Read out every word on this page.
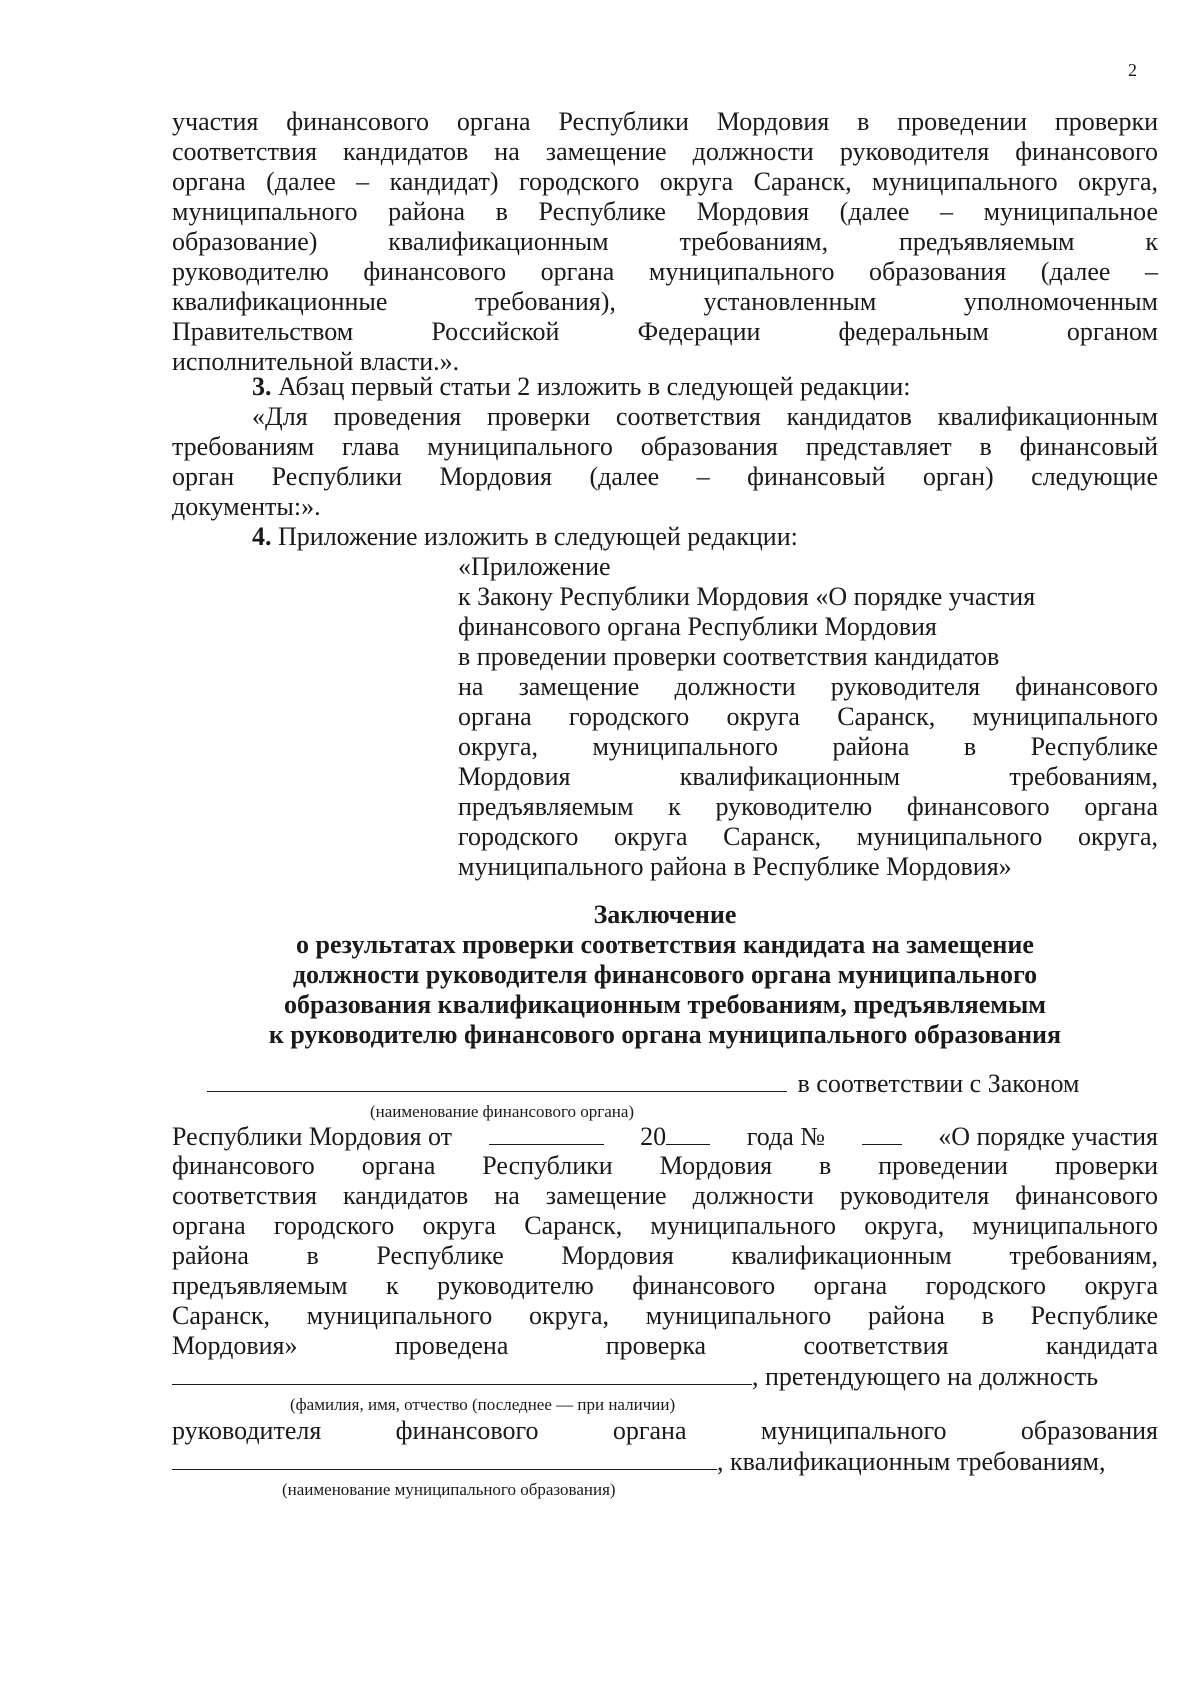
2
участия финансового органа Республики Мордовия в проведении проверки
соответствия кандидатов на замещение должности руководителя финансового
органа (далее – кандидат) городского округа Саранск, муниципального округа,
муниципального района в Республике Мордовия (далее – муниципальное
образование) квалификационным требованиям, предъявляемым к
руководителю финансового органа муниципального образования (далее –
квалификационные требования), установленным уполномоченным
Правительством Российской Федерации федеральным органом
исполнительной власти.».
3. Абзац первый статьи 2 изложить в следующей редакции:
«Для проведения проверки соответствия кандидатов квалификационным
требованиям глава муниципального образования представляет в финансовый
орган Республики Мордовия (далее – финансовый орган) следующие
документы:».
4. Приложение изложить в следующей редакции:
«Приложение
к Закону Республики Мордовия «О порядке участия
финансового органа Республики Мордовия
в проведении проверки соответствия кандидатов
на замещение должности руководителя финансового
органа городского округа Саранск, муниципального
округа, муниципального района в Республике
Мордовия квалификационным требованиям,
предъявляемым к руководителю финансового органа
городского округа Саранск, муниципального округа,
муниципального района в Республике Мордовия»
Заключение
о результатах проверки соответствия кандидата на замещение
должности руководителя финансового органа муниципального
образования квалификационным требованиям, предъявляемым
к руководителю финансового органа муниципального образования
в соответствии с Законом
(наименование финансового органа)
Республики Мордовия от	20	года №	«О порядке участия
финансового органа Республики Мордовия в проведении проверки
соответствия кандидатов на замещение должности руководителя финансового
органа городского округа Саранск, муниципального округа, муниципального
района в Республике Мордовия квалификационным требованиям,
предъявляемым к руководителю финансового органа городского округа
Саранск, муниципального округа, муниципального района в Республике
Мордовия» проведена проверка соответствия кандидата
, претендующего на должность
(фамилия, имя, отчество (последнее — при наличии)
руководителя финансового органа муниципального образования
, квалификационным требованиям,
(наименование муниципального образования)
